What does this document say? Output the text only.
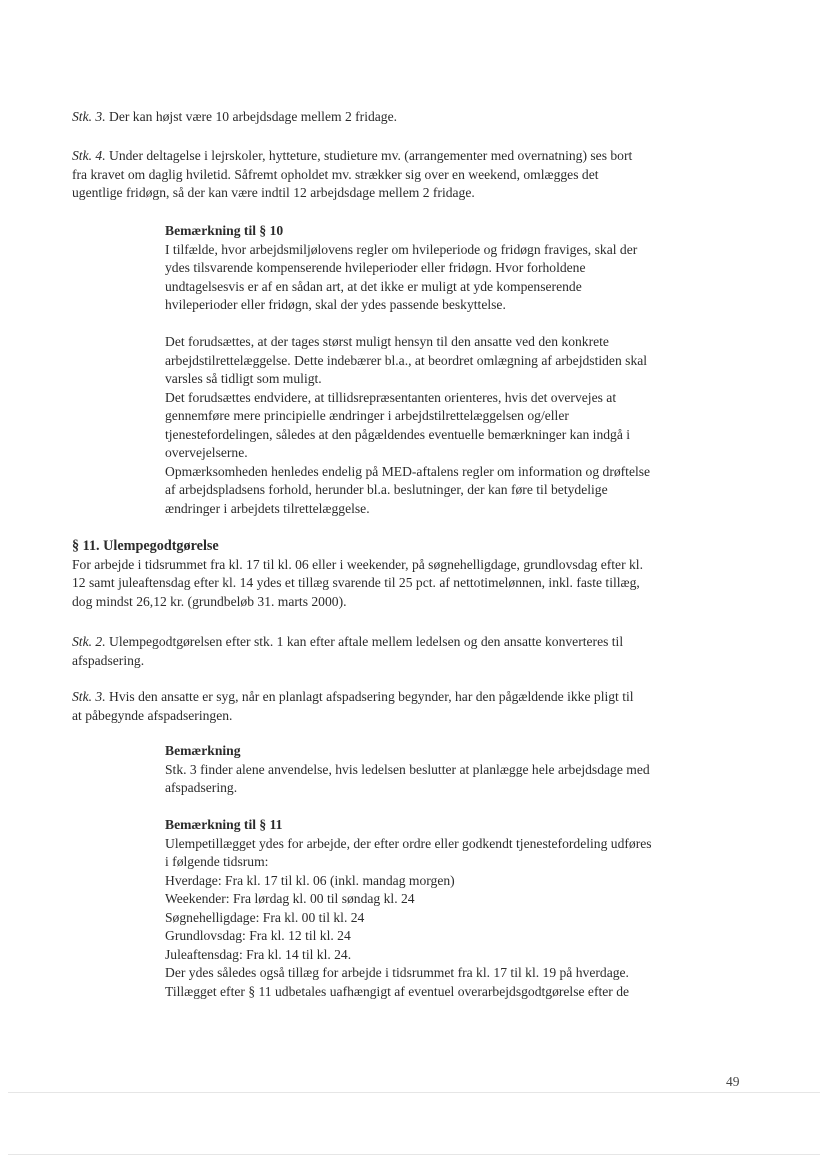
Stk. 3. Der kan højst være 10 arbejdsdage mellem 2 fridage.

Stk. 4. Under deltagelse i lejrskoler, hytteture, studieture mv. (arrangementer med overnatning) ses bort
fra kravet om daglig hviletid. Såfremt opholdet mv. strækker sig over en weekend, omlægges det
ugentlige fridøgn, så der kan være indtil 12 arbejdsdage mellem 2 fridage.

Bemærkning til § 10
I tilfælde, hvor arbejdsmiljølovens regler om hvileperiode og fridøgn fraviges, skal der
ydes tilsvarende kompenserende hvileperioder eller fridøgn. Hvor forholdene
undtagelsesvis er af en sådan art, at det ikke er muligt at yde kompenserende
hvileperioder eller fridøgn, skal der ydes passende beskyttelse.

Det forudsættes, at der tages størst muligt hensyn til den ansatte ved den konkrete
arbejdstilrettelæggelse. Dette indebærer bl.a., at beordret omlægning af arbejdstiden skal
varsles så tidligt som muligt.
Det forudsættes endvidere, at tillidsrepræsentanten orienteres, hvis det overvejes at
gennemføre mere principielle ændringer i arbejdstilrettelæggelsen og/eller
tjenestefordelingen, således at den pågældendes eventuelle bemærkninger kan indgå i
overvejelserne.
Opmærksomheden henledes endelig på MED-aftalens regler om information og drøftelse
af arbejdspladsens forhold, herunder bl.a. beslutninger, der kan føre til betydelige
ændringer i arbejdets tilrettelæggelse.

§ 11. Ulempegodtgørelse
For arbejde i tidsrummet fra kl. 17 til kl. 06 eller i weekender, på søgnehelligdage, grundlovsdag efter kl.
12 samt juleaftensdag efter kl. 14 ydes et tillæg svarende til 25 pct. af nettotimelønnen, inkl. faste tillæg,
dog mindst 26,12 kr. (grundbeløb 31. marts 2000).

Stk. 2. Ulempegodtgørelsen efter stk. 1 kan efter aftale mellem ledelsen og den ansatte konverteres til
afspadsering.

Stk. 3. Hvis den ansatte er syg, når en planlagt afspadsering begynder, har den pågældende ikke pligt til
at påbegynde afspadseringen.

Bemærkning
Stk. 3 finder alene anvendelse, hvis ledelsen beslutter at planlægge hele arbejdsdage med
afspadsering.

Bemærkning til § 11
Ulempetillægget ydes for arbejde, der efter ordre eller godkendt tjenestefordeling udføres
i følgende tidsrum:
Hverdage: Fra kl. 17 til kl. 06 (inkl. mandag morgen)
Weekender: Fra lørdag kl. 00 til søndag kl. 24
Søgnehelligdage: Fra kl. 00 til kl. 24
Grundlovsdag: Fra kl. 12 til kl. 24
Juleaftensdag: Fra kl. 14 til kl. 24.
Der ydes således også tillæg for arbejde i tidsrummet fra kl. 17 til kl. 19 på hverdage.
Tillægget efter § 11 udbetales uafhængigt af eventuel overarbejdsgodtgørelse efter de

49
